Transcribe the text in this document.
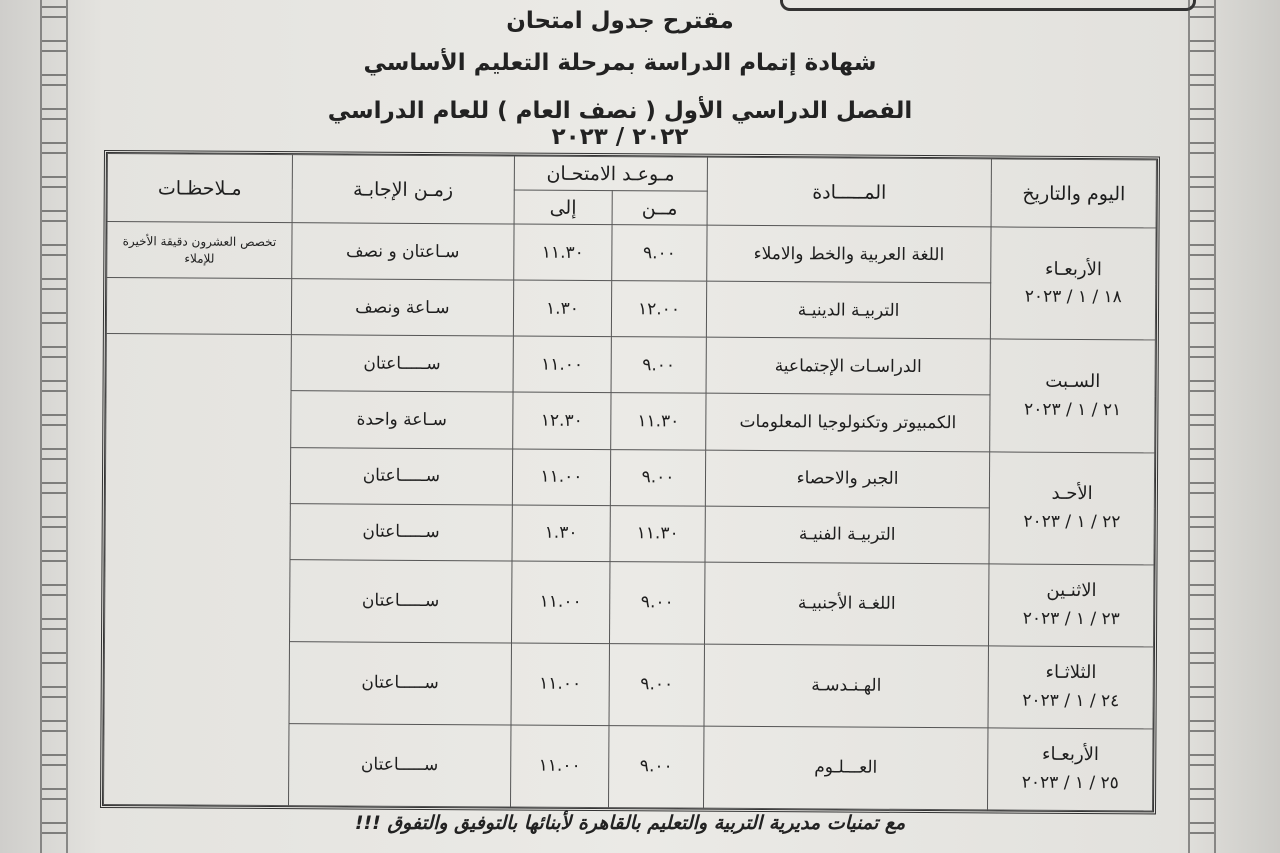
مقترح جدول امتحان
شهادة إتمام الدراسة بمرحلة التعليم الأساسي
الفصل الدراسي الأول ( نصف العام ) للعام الدراسي ٢٠٢٢ / ٢٠٢٣
اليوم والتاريخ	المـــــادة	مـوعـد الامتحـان		زمـن الإجابـة	مـلاحظـات
		مــن	إلى		

الأربعـاء
١٨ / ١ / ٢٠٢٣	اللغة العربية والخط والاملاء	٩.٠٠	١١.٣٠	سـاعتان و نصف	تخصص العشرون دقيقة الأخيرة للإملاء
	التربيـة الدينيـة	١٢.٠٠	١.٣٠	سـاعة ونصف	

السـبت
٢١ / ١ / ٢٠٢٣	الدراسـات الإجتماعية	٩.٠٠	١١.٠٠	ســـــاعتان	
	الكمبيوتر وتكنولوجيا المعلومات	١١.٣٠	١٢.٣٠	سـاعة واحدة	

الأحـد
٢٢ / ١ / ٢٠٢٣	الجبر والاحصاء	٩.٠٠	١١.٠٠	ســـــاعتان	
	التربيـة الفنيـة	١١.٣٠	١.٣٠	ســـــاعتان	

الاثنـين
٢٣ / ١ / ٢٠٢٣	اللغـة الأجنبيـة	٩.٠٠	١١.٠٠	ســـــاعتان	

الثلاثـاء
٢٤ / ١ / ٢٠٢٣	الهـنـدسـة	٩.٠٠	١١.٠٠	ســـــاعتان	

الأربعـاء
٢٥ / ١ / ٢٠٢٣	العـــلـوم	٩.٠٠	١١.٠٠	ســـــاعتان	
مع تمنيات مديرية التربية والتعليم بالقاهرة لأبنائها بالتوفيق والتفوق !!!
